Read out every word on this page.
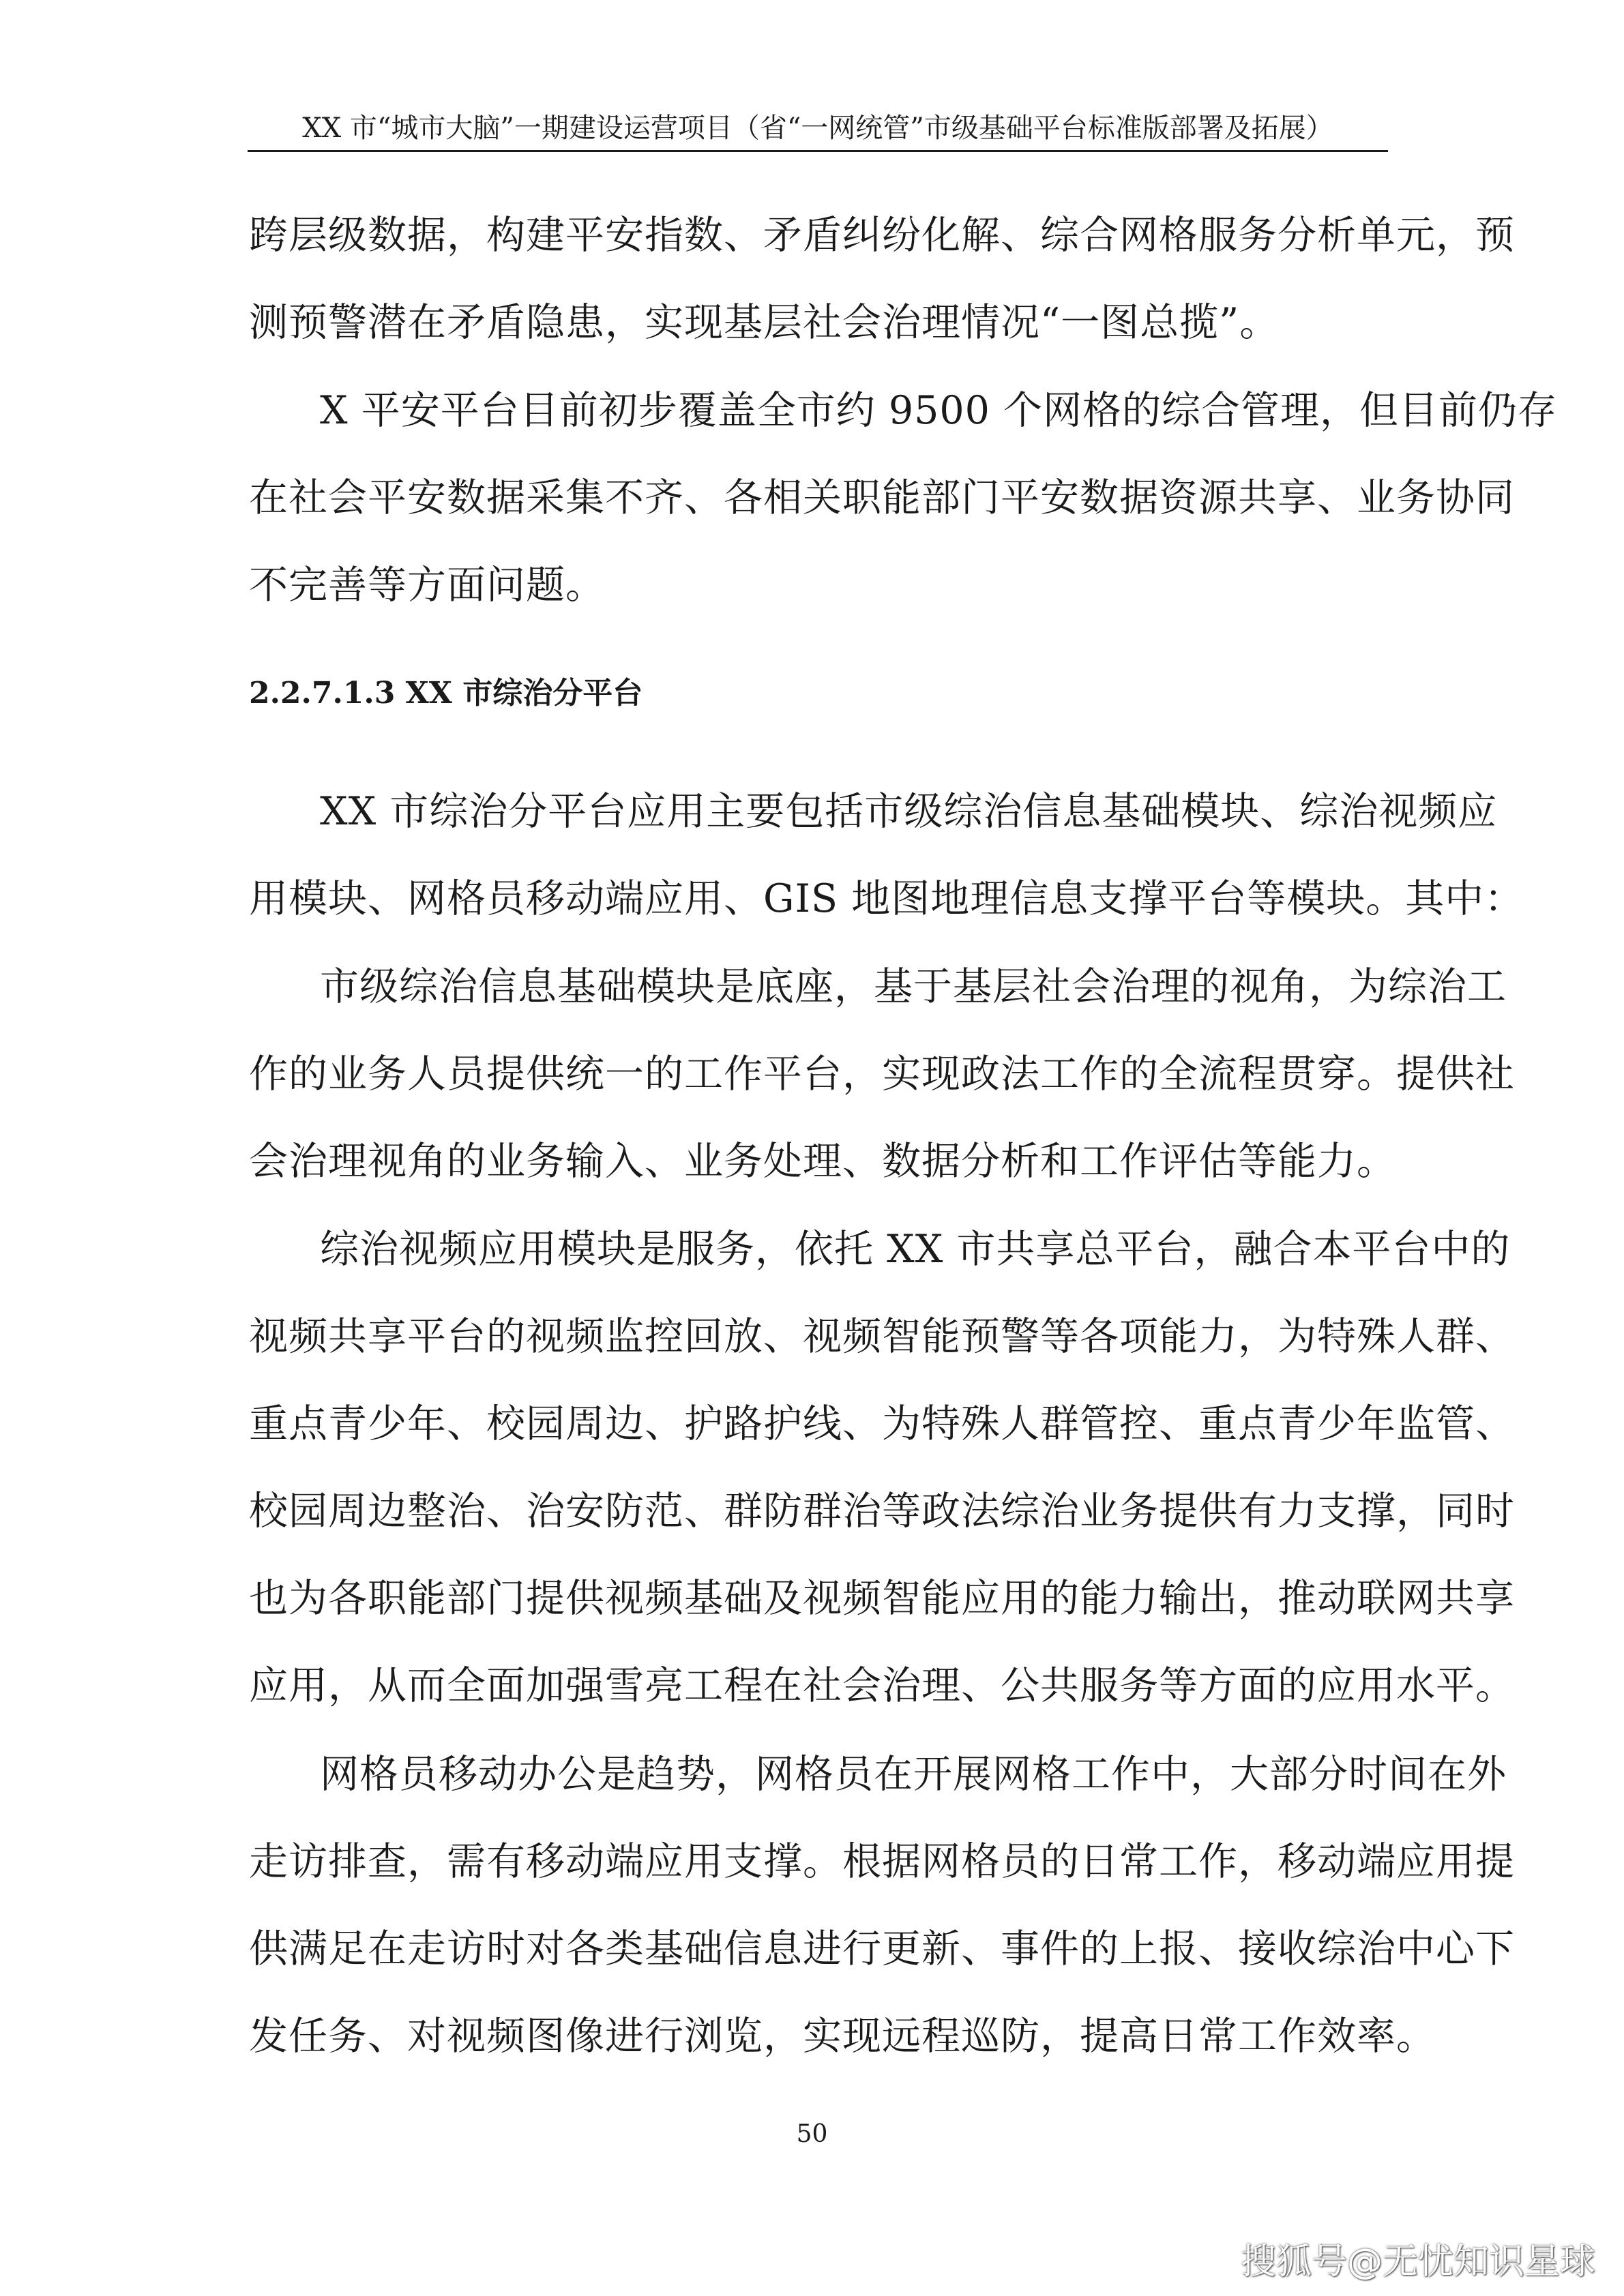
XX 市“城市大脑”一期建设运营项目（省“一网统管”市级基础平台标准版部署及拓展）
跨层级数据，构建平安指数、矛盾纠纷化解、综合网格服务分析单元，预
测预警潜在矛盾隐患，实现基层社会治理情况“一图总揽”。
X 平安平台目前初步覆盖全市约 9500 个网格的综合管理，但目前仍存
在社会平安数据采集不齐、各相关职能部门平安数据资源共享、业务协同
不完善等方面问题。
2.2.7.1.3 XX 市综治分平台
XX 市综治分平台应用主要包括市级综治信息基础模块、综治视频应
用模块、网格员移动端应用、GIS 地图地理信息支撑平台等模块。其中：
市级综治信息基础模块是底座，基于基层社会治理的视角，为综治工
作的业务人员提供统一的工作平台，实现政法工作的全流程贯穿。提供社
会治理视角的业务输入、业务处理、数据分析和工作评估等能力。
综治视频应用模块是服务，依托 XX 市共享总平台，融合本平台中的
视频共享平台的视频监控回放、视频智能预警等各项能力，为特殊人群、
重点青少年、校园周边、护路护线、为特殊人群管控、重点青少年监管、
校园周边整治、治安防范、群防群治等政法综治业务提供有力支撑，同时
也为各职能部门提供视频基础及视频智能应用的能力输出，推动联网共享
应用，从而全面加强雪亮工程在社会治理、公共服务等方面的应用水平。
网格员移动办公是趋势，网格员在开展网格工作中，大部分时间在外
走访排查，需有移动端应用支撑。根据网格员的日常工作，移动端应用提
供满足在走访时对各类基础信息进行更新、事件的上报、接收综治中心下
发任务、对视频图像进行浏览，实现远程巡防，提高日常工作效率。
50
搜狐号@无忧知识星球
